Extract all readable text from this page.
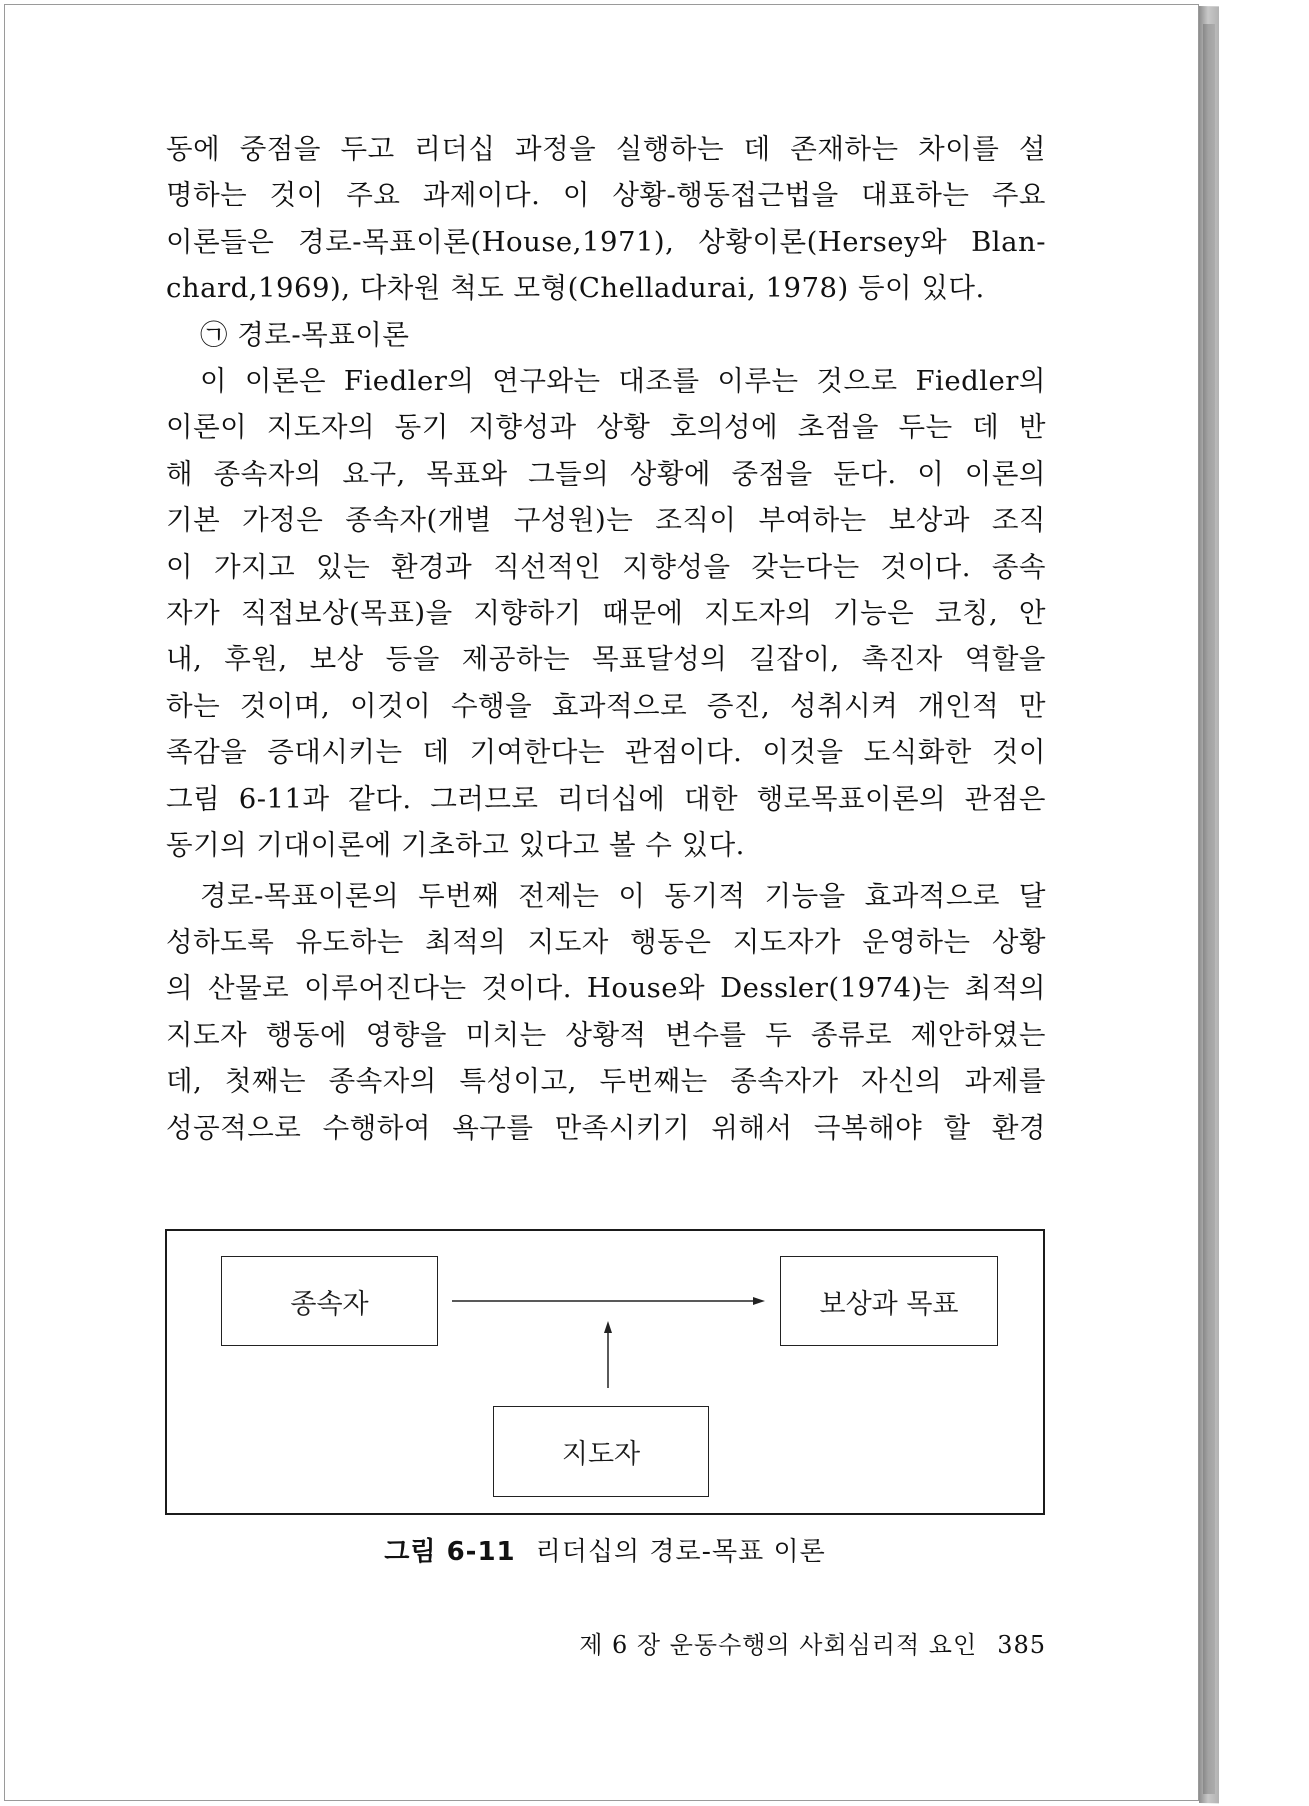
동에 중점을 두고 리더십 과정을 실행하는 데 존재하는 차이를 설
명하는 것이 주요 과제이다. 이 상황-행동접근법을 대표하는 주요
이론들은 경로-목표이론(House,1971), 상황이론(Hersey와 Blan-
chard,1969), 다차원 척도 모형(Chelladurai, 1978) 등이 있다.
㉠ 경로-목표이론
이 이론은 Fiedler의 연구와는 대조를 이루는 것으로 Fiedler의
이론이 지도자의 동기 지향성과 상황 호의성에 초점을 두는 데 반
해 종속자의 요구, 목표와 그들의 상황에 중점을 둔다. 이 이론의
기본 가정은 종속자(개별 구성원)는 조직이 부여하는 보상과 조직
이 가지고 있는 환경과 직선적인 지향성을 갖는다는 것이다. 종속
자가 직접보상(목표)을 지향하기 때문에 지도자의 기능은 코칭, 안
내, 후원, 보상 등을 제공하는 목표달성의 길잡이, 촉진자 역할을
하는 것이며, 이것이 수행을 효과적으로 증진, 성취시켜 개인적 만
족감을 증대시키는 데 기여한다는 관점이다. 이것을 도식화한 것이
그림 6-11과 같다. 그러므로 리더십에 대한 행로목표이론의 관점은
동기의 기대이론에 기초하고 있다고 볼 수 있다.
경로-목표이론의 두번째 전제는 이 동기적 기능을 효과적으로 달
성하도록 유도하는 최적의 지도자 행동은 지도자가 운영하는 상황
의 산물로 이루어진다는 것이다. House와 Dessler(1974)는 최적의
지도자 행동에 영향을 미치는 상황적 변수를 두 종류로 제안하였는
데, 첫째는 종속자의 특성이고, 두번째는 종속자가 자신의 과제를
성공적으로 수행하여 욕구를 만족시키기 위해서 극복해야 할 환경
종속자	보상과 목표
지도자
그림 6-11 리더십의 경로-목표 이론
제 6 장 운동수행의 사회심리적 요인 385
